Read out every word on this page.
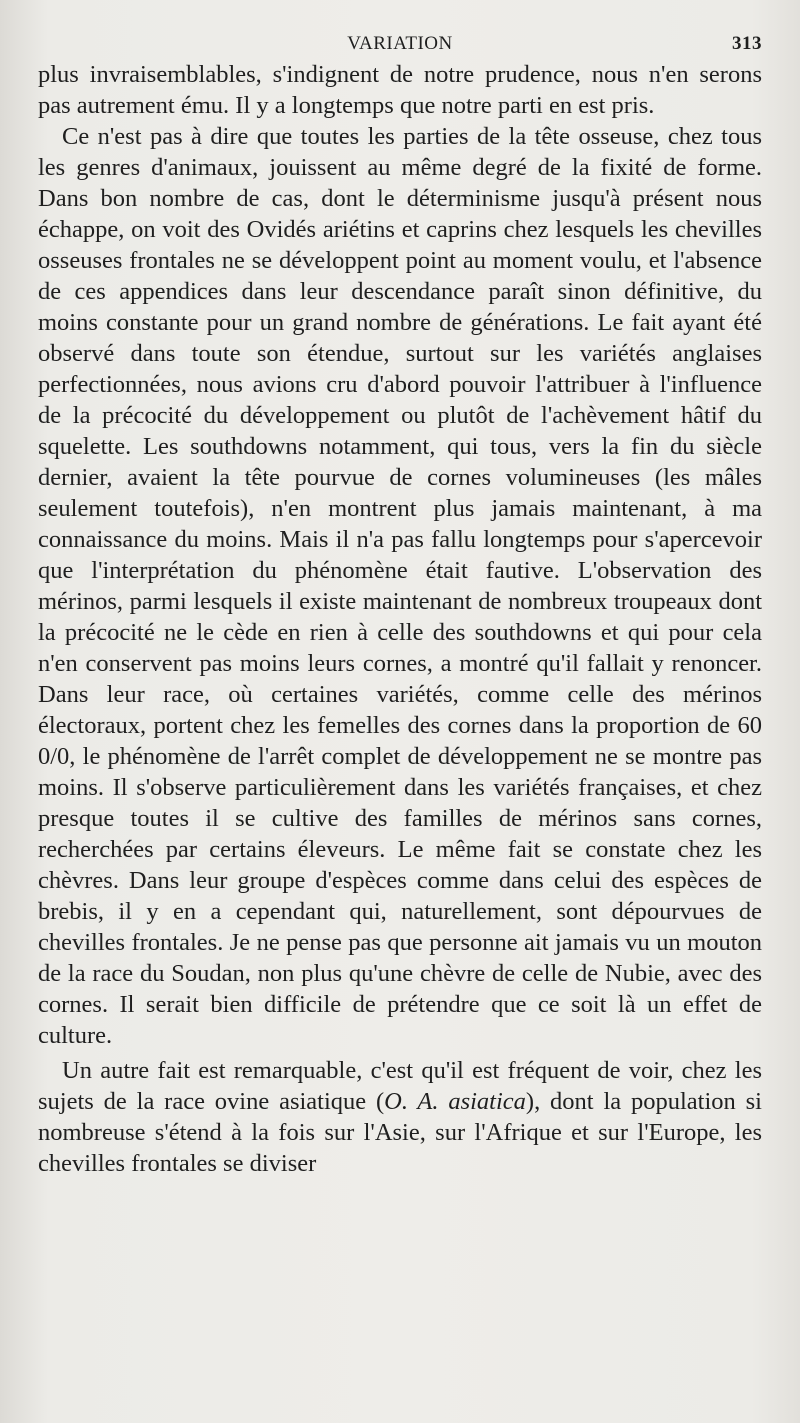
VARIATION	313

plus invraisemblables, s'indignent de notre prudence, nous n'en serons pas autrement ému. Il y a longtemps que notre parti en est pris.

Ce n'est pas à dire que toutes les parties de la tête osseuse, chez tous les genres d'animaux, jouissent au même degré de la fixité de forme. Dans bon nombre de cas, dont le déterminisme jusqu'à présent nous échappe, on voit des Ovidés ariétins et caprins chez lesquels les chevilles osseuses frontales ne se développent point au moment voulu, et l'absence de ces appendices dans leur descendance paraît sinon définitive, du moins constante pour un grand nombre de générations. Le fait ayant été observé dans toute son étendue, surtout sur les variétés anglaises perfectionnées, nous avions cru d'abord pouvoir l'attribuer à l'influence de la précocité du développement ou plutôt de l'achèvement hâtif du squelette. Les southdowns notamment, qui tous, vers la fin du siècle dernier, avaient la tête pourvue de cornes volumineuses (les mâles seulement toutefois), n'en montrent plus jamais maintenant, à ma connaissance du moins. Mais il n'a pas fallu longtemps pour s'apercevoir que l'interprétation du phénomène était fautive. L'observation des mérinos, parmi lesquels il existe maintenant de nombreux troupeaux dont la précocité ne le cède en rien à celle des southdowns et qui pour cela n'en conservent pas moins leurs cornes, a montré qu'il fallait y renoncer. Dans leur race, où certaines variétés, comme celle des mérinos électoraux, portent chez les femelles des cornes dans la proportion de 60 0/0, le phénomène de l'arrêt complet de développement ne se montre pas moins. Il s'observe particulièrement dans les variétés françaises, et chez presque toutes il se cultive des familles de mérinos sans cornes, recherchées par certains éleveurs. Le même fait se constate chez les chèvres. Dans leur groupe d'espèces comme dans celui des espèces de brebis, il y en a cependant qui, naturellement, sont dépourvues de chevilles frontales. Je ne pense pas que personne ait jamais vu un mouton de la race du Soudan, non plus qu'une chèvre de celle de Nubie, avec des cornes. Il serait bien difficile de prétendre que ce soit là un effet de culture.

Un autre fait est remarquable, c'est qu'il est fréquent de voir, chez les sujets de la race ovine asiatique (O. A. asiatica), dont la population si nombreuse s'étend à la fois sur l'Asie, sur l'Afrique et sur l'Europe, les chevilles frontales se diviser
